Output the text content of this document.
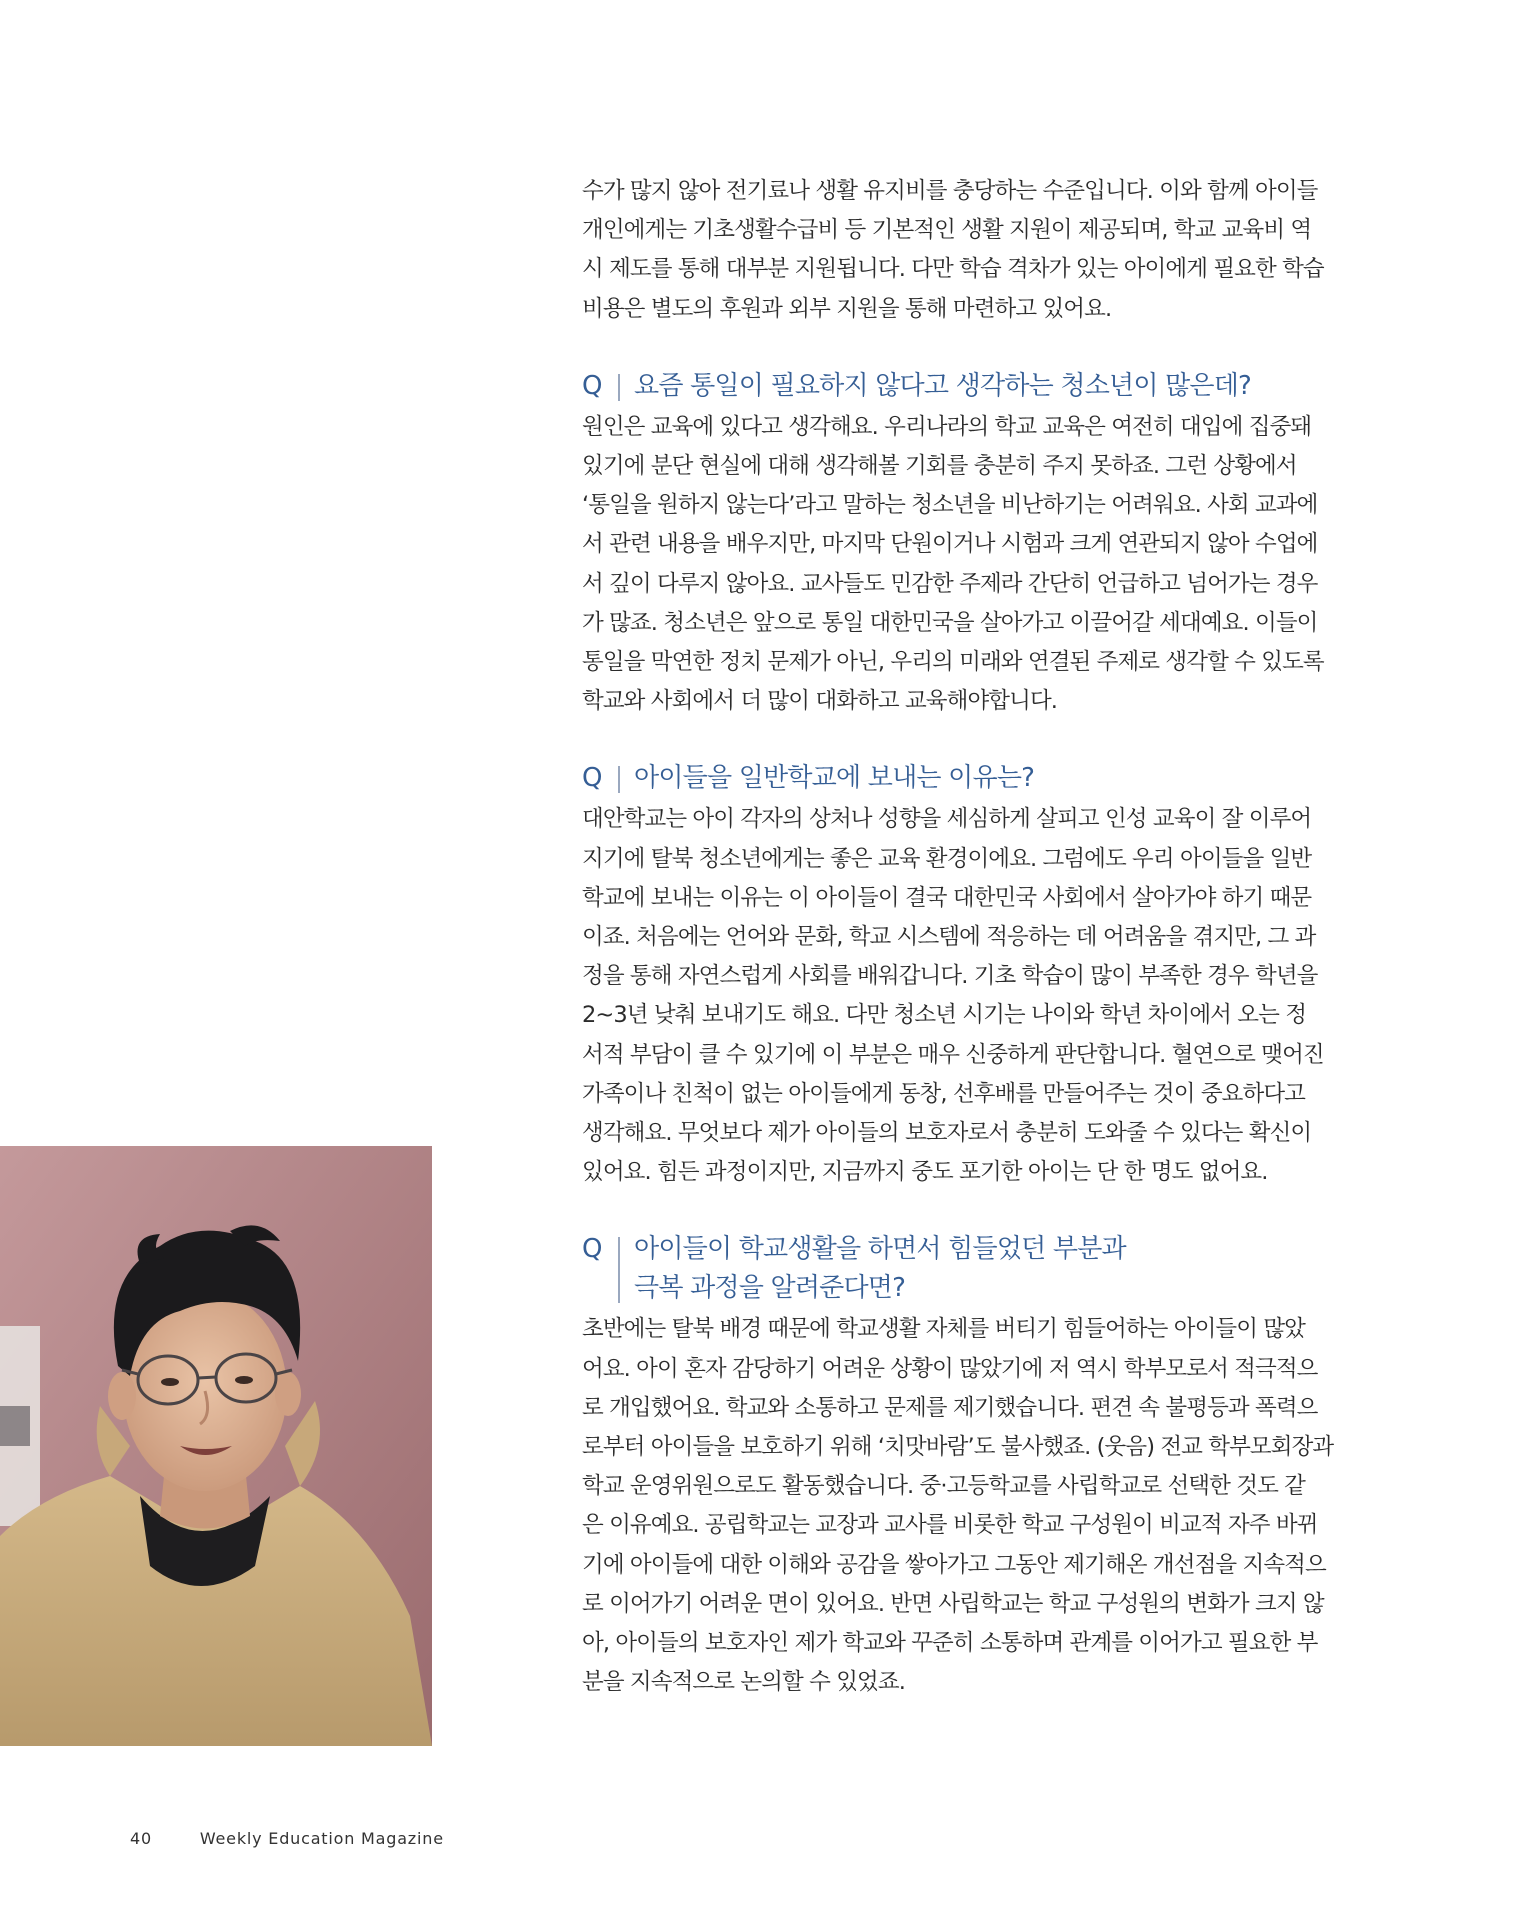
수가 많지 않아 전기료나 생활 유지비를 충당하는 수준입니다. 이와 함께 아이들
개인에게는 기초생활수급비 등 기본적인 생활 지원이 제공되며, 학교 교육비 역
시 제도를 통해 대부분 지원됩니다. 다만 학습 격차가 있는 아이에게 필요한 학습
비용은 별도의 후원과 외부 지원을 통해 마련하고 있어요.

Q	요즘 통일이 필요하지 않다고 생각하는 청소년이 많은데?

원인은 교육에 있다고 생각해요. 우리나라의 학교 교육은 여전히 대입에 집중돼
있기에 분단 현실에 대해 생각해볼 기회를 충분히 주지 못하죠. 그런 상황에서
‘통일을 원하지 않는다’라고 말하는 청소년을 비난하기는 어려워요. 사회 교과에
서 관련 내용을 배우지만, 마지막 단원이거나 시험과 크게 연관되지 않아 수업에
서 깊이 다루지 않아요. 교사들도 민감한 주제라 간단히 언급하고 넘어가는 경우
가 많죠. 청소년은 앞으로 통일 대한민국을 살아가고 이끌어갈 세대예요. 이들이
통일을 막연한 정치 문제가 아닌, 우리의 미래와 연결된 주제로 생각할 수 있도록
학교와 사회에서 더 많이 대화하고 교육해야합니다.

Q	아이들을 일반학교에 보내는 이유는?

대안학교는 아이 각자의 상처나 성향을 세심하게 살피고 인성 교육이 잘 이루어
지기에 탈북 청소년에게는 좋은 교육 환경이에요. 그럼에도 우리 아이들을 일반
학교에 보내는 이유는 이 아이들이 결국 대한민국 사회에서 살아가야 하기 때문
이죠. 처음에는 언어와 문화, 학교 시스템에 적응하는 데 어려움을 겪지만, 그 과
정을 통해 자연스럽게 사회를 배워갑니다. 기초 학습이 많이 부족한 경우 학년을
2~3년 낮춰 보내기도 해요. 다만 청소년 시기는 나이와 학년 차이에서 오는 정
서적 부담이 클 수 있기에 이 부분은 매우 신중하게 판단합니다. 혈연으로 맺어진
가족이나 친척이 없는 아이들에게 동창, 선후배를 만들어주는 것이 중요하다고
생각해요. 무엇보다 제가 아이들의 보호자로서 충분히 도와줄 수 있다는 확신이
있어요. 힘든 과정이지만, 지금까지 중도 포기한 아이는 단 한 명도 없어요.

Q	아이들이 학교생활을 하면서 힘들었던 부분과
극복 과정을 알려준다면?

초반에는 탈북 배경 때문에 학교생활 자체를 버티기 힘들어하는 아이들이 많았
어요. 아이 혼자 감당하기 어려운 상황이 많았기에 저 역시 학부모로서 적극적으
로 개입했어요. 학교와 소통하고 문제를 제기했습니다. 편견 속 불평등과 폭력으
로부터 아이들을 보호하기 위해 ‘치맛바람’도 불사했죠. (웃음) 전교 학부모회장과
학교 운영위원으로도 활동했습니다. 중·고등학교를 사립학교로 선택한 것도 같
은 이유예요. 공립학교는 교장과 교사를 비롯한 학교 구성원이 비교적 자주 바뀌
기에 아이들에 대한 이해와 공감을 쌓아가고 그동안 제기해온 개선점을 지속적으
로 이어가기 어려운 면이 있어요. 반면 사립학교는 학교 구성원의 변화가 크지 않
아, 아이들의 보호자인 제가 학교와 꾸준히 소통하며 관계를 이어가고 필요한 부
분을 지속적으로 논의할 수 있었죠.

40	Weekly Education Magazine
